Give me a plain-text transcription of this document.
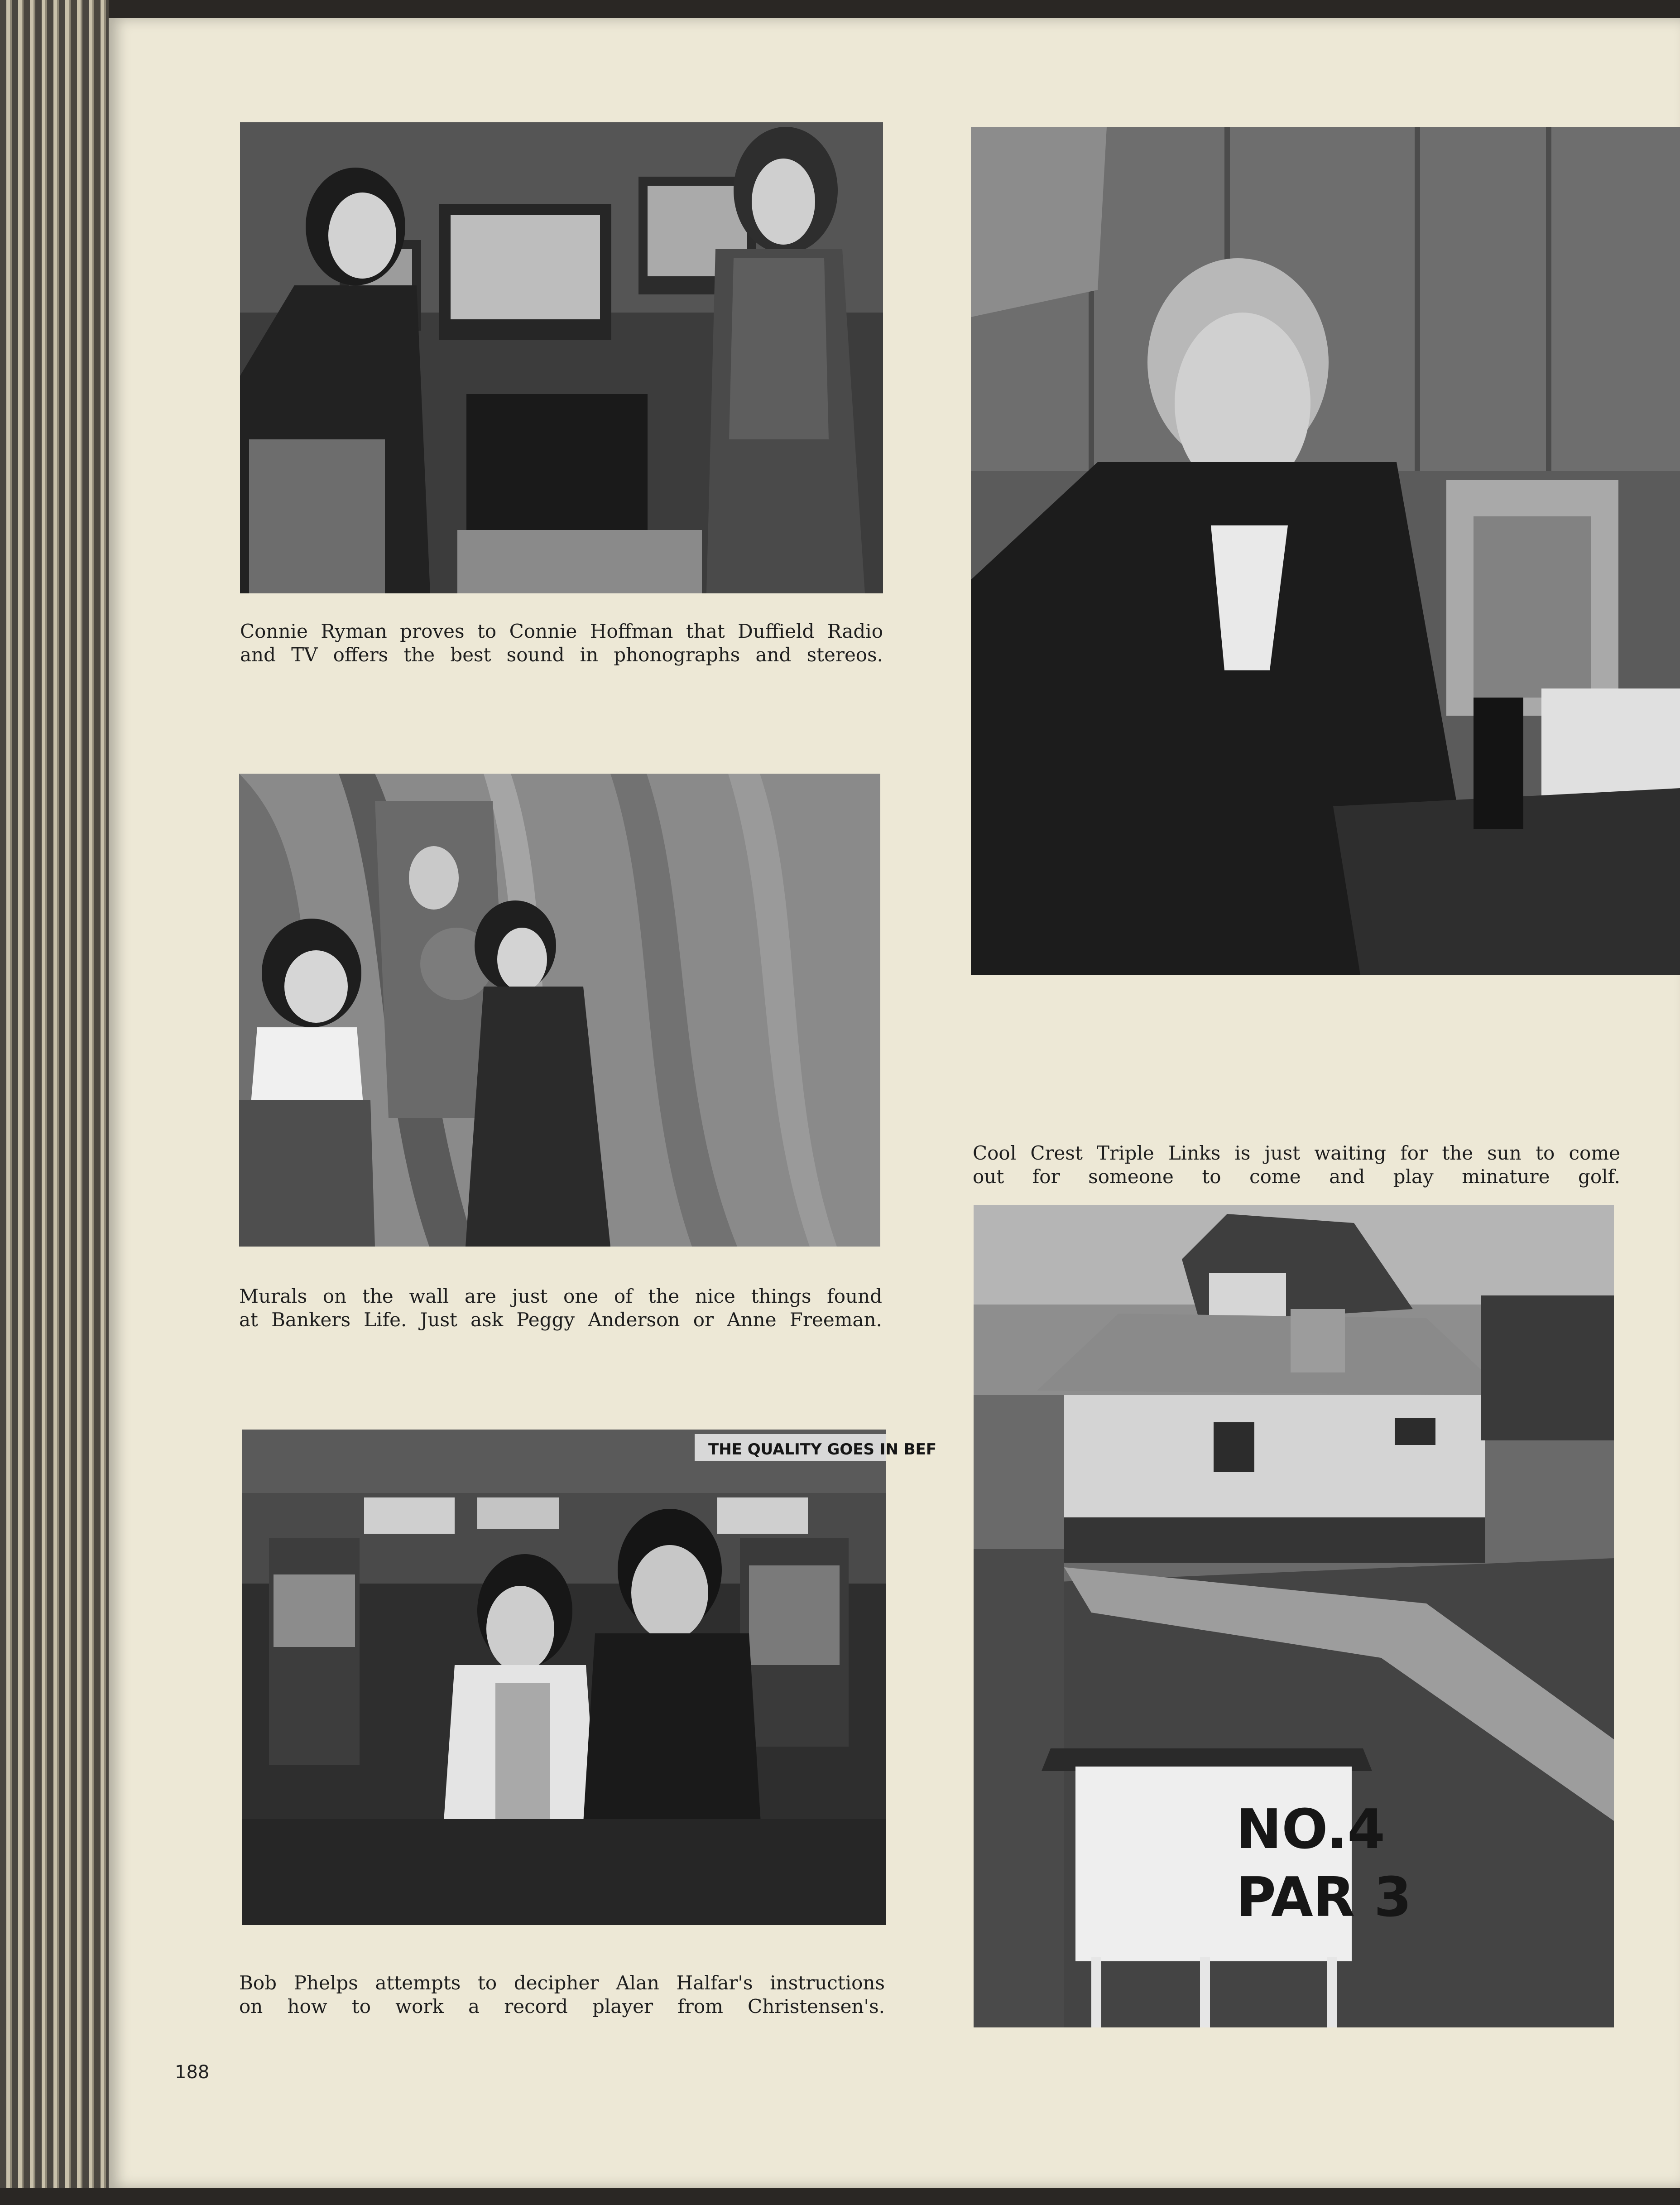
Connie Ryman proves to Connie Hoffman that Duffield Radio
and TV offers the best sound in phonographs and stereos.

Murals on the wall are just one of the nice things found
at Bankers Life. Just ask Peggy Anderson or Anne Freeman.

THE QUALITY GOES IN BEF

Bob Phelps attempts to decipher Alan Halfar's instructions
on how to work a record player from Christensen's.

Cool Crest Triple Links is just waiting for the sun to come
out for someone to come and play minature golf.

NO.4
PAR 3

188
